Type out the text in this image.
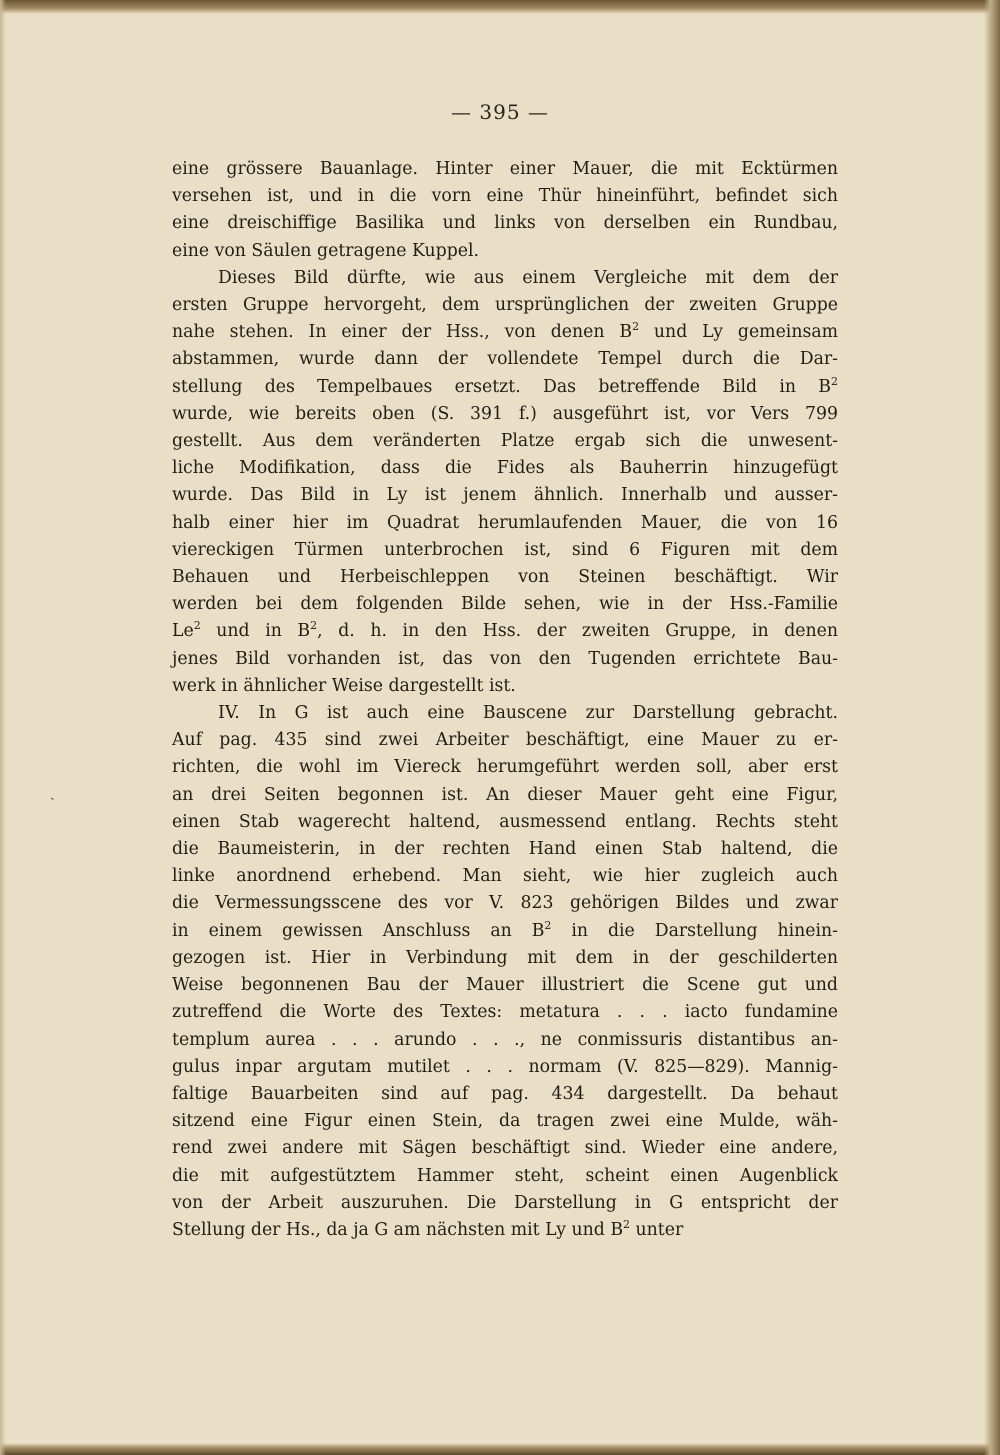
— 395 —
ˏ
eine grössere Bauanlage. Hinter einer Mauer, die mit Ecktürmen
versehen ist, und in die vorn eine Thür hineinführt, befindet sich
eine dreischiffige Basilika und links von derselben ein Rundbau,
eine von Säulen getragene Kuppel.
Dieses Bild dürfte, wie aus einem Vergleiche mit dem der
ersten Gruppe hervorgeht, dem ursprünglichen der zweiten Gruppe
nahe stehen. In einer der Hss., von denen $B^2$ und Ly gemeinsam
abstammen, wurde dann der vollendete Tempel durch die Dar-
stellung des Tempelbaues ersetzt. Das betreffende Bild in $B^2$
wurde, wie bereits oben (S. 391 f.) ausgeführt ist, vor Vers 799
gestellt. Aus dem veränderten Platze ergab sich die unwesent-
liche Modifikation, dass die Fides als Bauherrin hinzugefügt
wurde. Das Bild in Ly ist jenem ähnlich. Innerhalb und ausser-
halb einer hier im Quadrat herumlaufenden Mauer, die von 16
viereckigen Türmen unterbrochen ist, sind 6 Figuren mit dem
Behauen und Herbeischleppen von Steinen beschäftigt. Wir
werden bei dem folgenden Bilde sehen, wie in der Hss.-Familie
Le$^2$ und in $B^2$, d. h. in den Hss. der zweiten Gruppe, in denen
jenes Bild vorhanden ist, das von den Tugenden errichtete Bau-
werk in ähnlicher Weise dargestellt ist.
IV. In G ist auch eine Bauscene zur Darstellung gebracht.
Auf pag. 435 sind zwei Arbeiter beschäftigt, eine Mauer zu er-
richten, die wohl im Viereck herumgeführt werden soll, aber erst
an drei Seiten begonnen ist. An dieser Mauer geht eine Figur,
einen Stab wagerecht haltend, ausmessend entlang. Rechts steht
die Baumeisterin, in der rechten Hand einen Stab haltend, die
linke anordnend erhebend. Man sieht, wie hier zugleich auch
die Vermessungsscene des vor V. 823 gehörigen Bildes und zwar
in einem gewissen Anschluss an $B^2$ in die Darstellung hinein-
gezogen ist. Hier in Verbindung mit dem in der geschilderten
Weise begonnenen Bau der Mauer illustriert die Scene gut und
zutreffend die Worte des Textes: metatura . . . iacto fundamine
templum aurea . . . arundo . . ., ne conmissuris distantibus an-
gulus inpar argutam mutilet . . . normam (V. 825—829). Mannig-
faltige Bauarbeiten sind auf pag. 434 dargestellt. Da behaut
sitzend eine Figur einen Stein, da tragen zwei eine Mulde, wäh-
rend zwei andere mit Sägen beschäftigt sind. Wieder eine andere,
die mit aufgestütztem Hammer steht, scheint einen Augenblick
von der Arbeit auszuruhen. Die Darstellung in G entspricht der
Stellung der Hs., da ja G am nächsten mit Ly und $B^2$ unter
